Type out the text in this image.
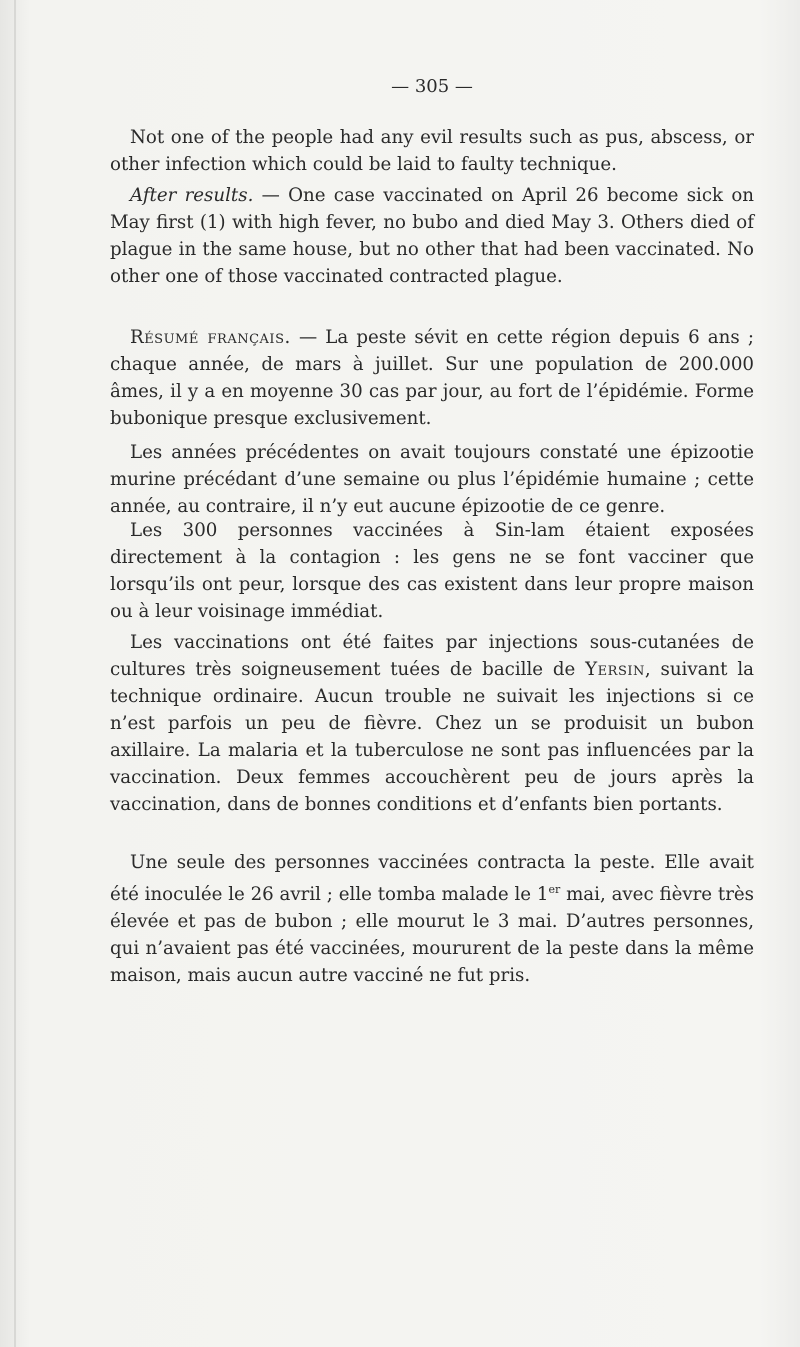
— 305 —

Not one of the people had any evil results such as pus, abscess, or other infection which could be laid to faulty technique.

After results. — One case vaccinated on April 26 become sick on May first (1) with high fever, no bubo and died May 3. Others died of plague in the same house, but no other that had been vaccinated. No other one of those vaccinated contracted plague.

Résumé français. — La peste sévit en cette région depuis 6 ans ; chaque année, de mars à juillet. Sur une population de 200.000 âmes, il y a en moyenne 30 cas par jour, au fort de l’épidémie. Forme bubonique presque exclusivement.

Les années précédentes on avait toujours constaté une épizootie murine précédant d’une semaine ou plus l’épidémie humaine ; cette année, au contraire, il n’y eut aucune épizootie de ce genre.

Les 300 personnes vaccinées à Sin-lam étaient exposées directement à la contagion : les gens ne se font vacciner que lorsqu’ils ont peur, lorsque des cas existent dans leur propre maison ou à leur voisinage immédiat.

Les vaccinations ont été faites par injections sous-cutanées de cultures très soigneusement tuées de bacille de Yersin, suivant la technique ordinaire. Aucun trouble ne suivait les injections si ce n’est parfois un peu de fièvre. Chez un se produisit un bubon axillaire. La malaria et la tuberculose ne sont pas influencées par la vaccination. Deux femmes accouchèrent peu de jours après la vaccination, dans de bonnes conditions et d’enfants bien portants.

Une seule des personnes vaccinées contracta la peste. Elle avait été inoculée le 26 avril ; elle tomba malade le 1er mai, avec fièvre très élevée et pas de bubon ; elle mourut le 3 mai. D’autres personnes, qui n’avaient pas été vaccinées, moururent de la peste dans la même maison, mais aucun autre vacciné ne fut pris.
